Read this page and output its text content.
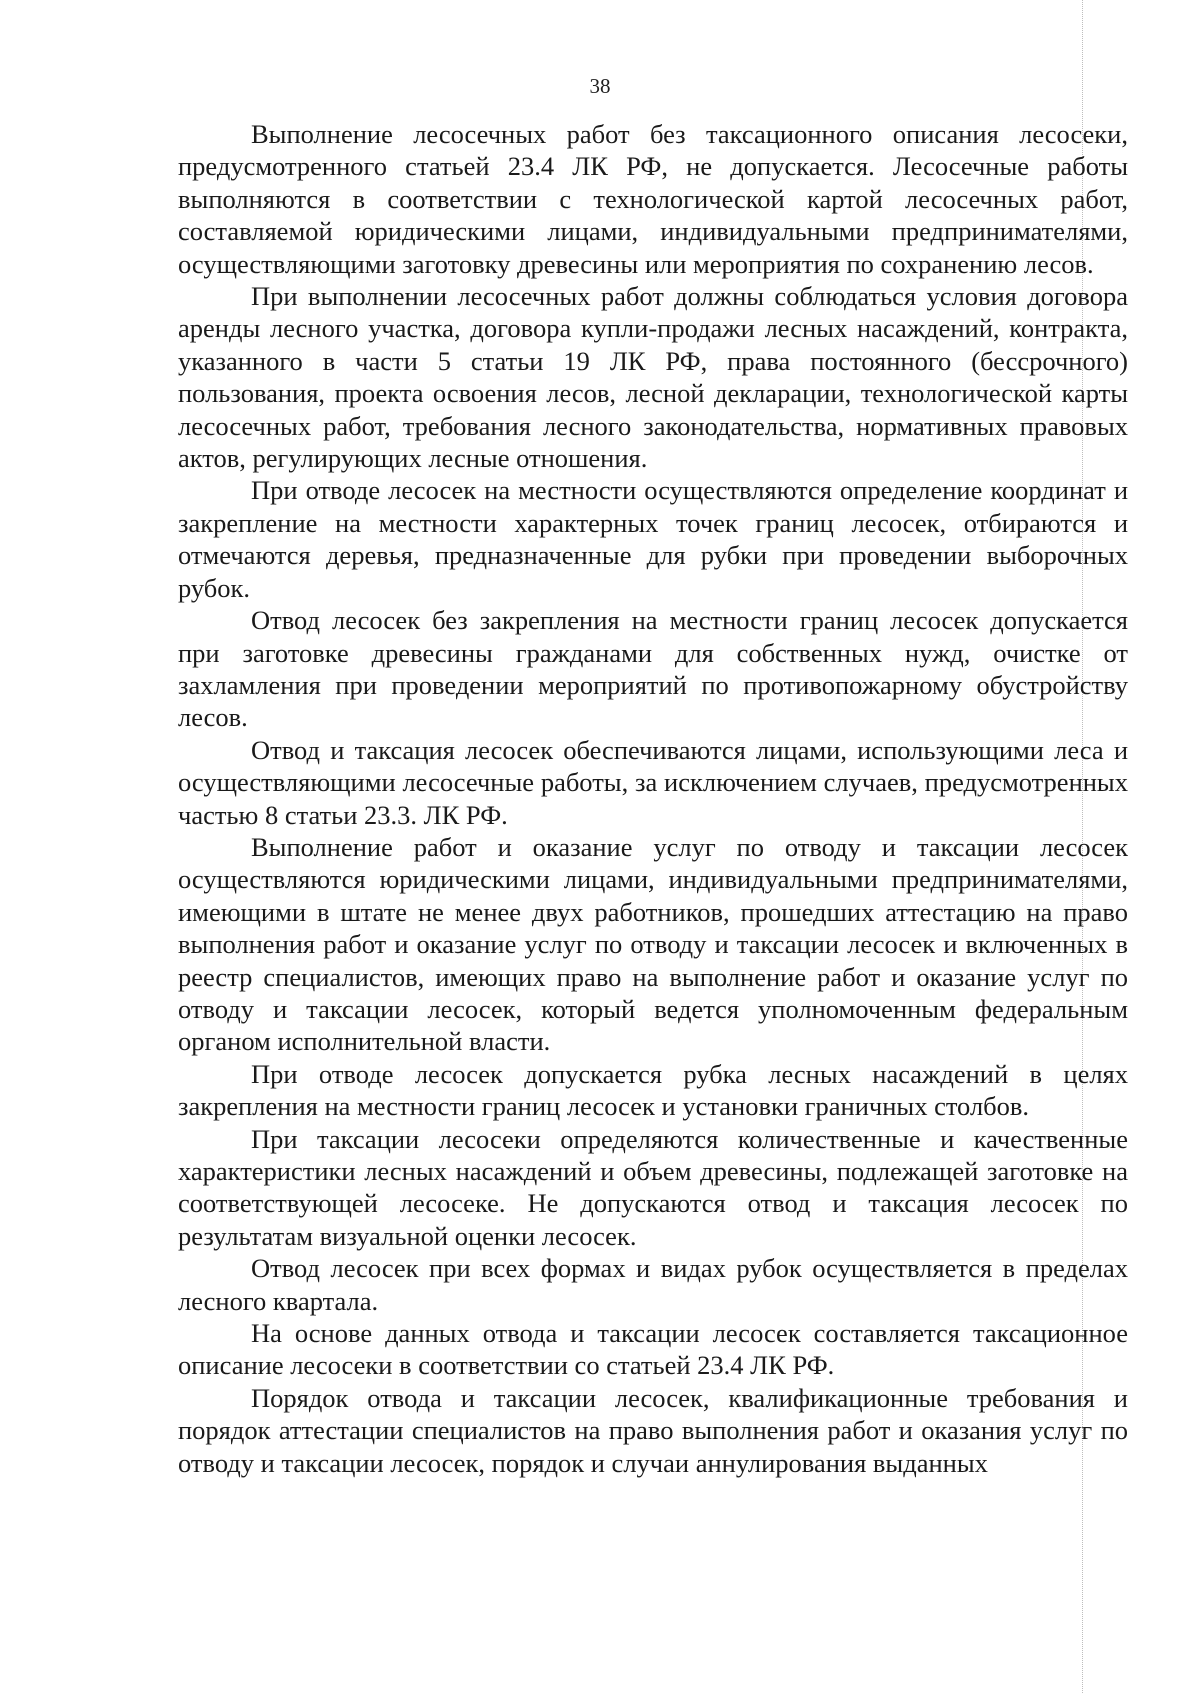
38

Выполнение лесосечных работ без таксационного описания лесосеки, предусмотренного статьей 23.4 ЛК РФ, не допускается. Лесосечные работы выполняются в соответствии с технологической картой лесосечных работ, составляемой юридическими лицами, индивидуальными предпринимателями, осуществляющими заготовку древесины или мероприятия по сохранению лесов.

При выполнении лесосечных работ должны соблюдаться условия договора аренды лесного участка, договора купли-продажи лесных насаждений, контракта, указанного в части 5 статьи 19 ЛК РФ, права постоянного (бессрочного) пользования, проекта освоения лесов, лесной декларации, технологической карты лесосечных работ, требования лесного законодательства, нормативных правовых актов, регулирующих лесные отношения.

При отводе лесосек на местности осуществляются определение координат и закрепление на местности характерных точек границ лесосек, отбираются и отмечаются деревья, предназначенные для рубки при проведении выборочных рубок.

Отвод лесосек без закрепления на местности границ лесосек допускается при заготовке древесины гражданами для собственных нужд, очистке от захламления при проведении мероприятий по противопожарному обустройству лесов.

Отвод и таксация лесосек обеспечиваются лицами, использующими леса и осуществляющими лесосечные работы, за исключением случаев, предусмотренных частью 8 статьи 23.3. ЛК РФ.

Выполнение работ и оказание услуг по отводу и таксации лесосек осуществляются юридическими лицами, индивидуальными предпринимателями, имеющими в штате не менее двух работников, прошедших аттестацию на право выполнения работ и оказание услуг по отводу и таксации лесосек и включенных в реестр специалистов, имеющих право на выполнение работ и оказание услуг по отводу и таксации лесосек, который ведется уполномоченным федеральным органом исполнительной власти.

При отводе лесосек допускается рубка лесных насаждений в целях закрепления на местности границ лесосек и установки граничных столбов.

При таксации лесосеки определяются количественные и качественные характеристики лесных насаждений и объем древесины, подлежащей заготовке на соответствующей лесосеке. Не допускаются отвод и таксация лесосек по результатам визуальной оценки лесосек.

Отвод лесосек при всех формах и видах рубок осуществляется в пределах лесного квартала.

На основе данных отвода и таксации лесосек составляется таксационное описание лесосеки в соответствии со статьей 23.4 ЛК РФ.

Порядок отвода и таксации лесосек, квалификационные требования и порядок аттестации специалистов на право выполнения работ и оказания услуг по отводу и таксации лесосек, порядок и случаи аннулирования выданных
